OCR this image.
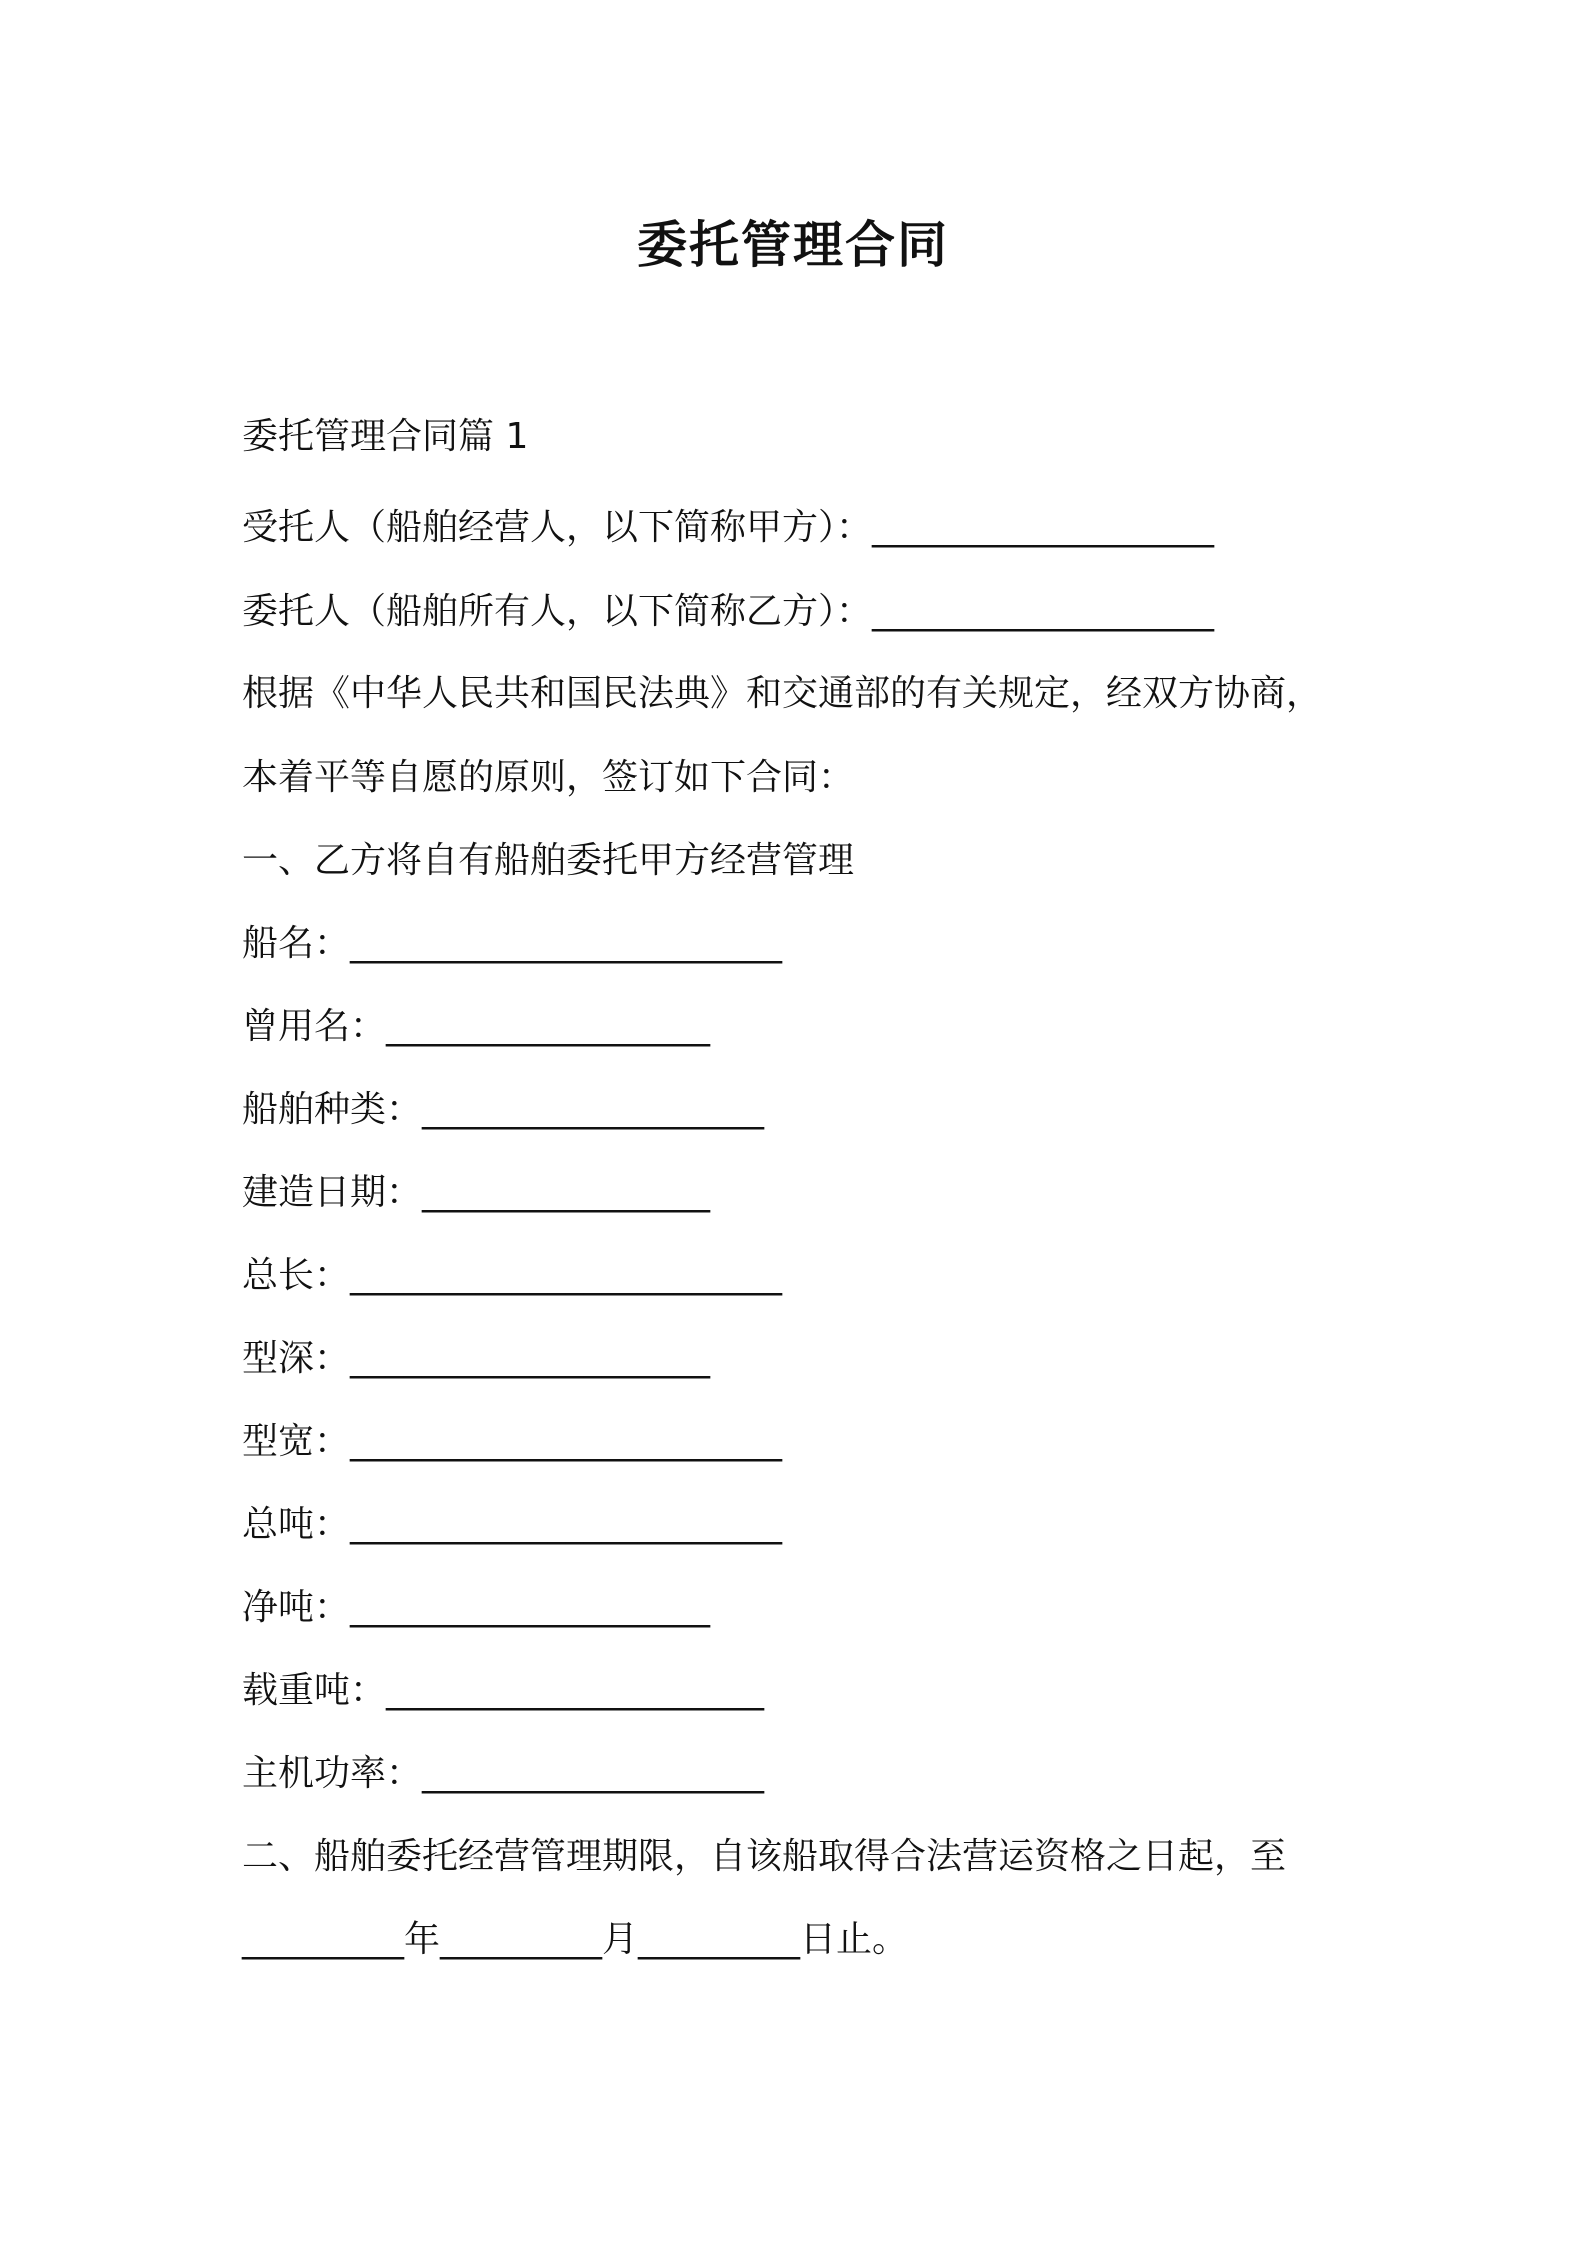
委托管理合同
委托管理合同篇 1
受托人（船舶经营人，以下简称甲方）：___________________
委托人（船舶所有人，以下简称乙方）：___________________
根据《中华人民共和国民法典》和交通部的有关规定，经双方协商，
本着平等自愿的原则，签订如下合同：
一、乙方将自有船舶委托甲方经营管理
船名：________________________
曾用名：__________________
船舶种类：___________________
建造日期：________________
总长：________________________
型深：____________________
型宽：________________________
总吨：________________________
净吨：____________________
载重吨：_____________________
主机功率：___________________
二、船舶委托经营管理期限，自该船取得合法营运资格之日起，至
_________年_________月_________日止。
